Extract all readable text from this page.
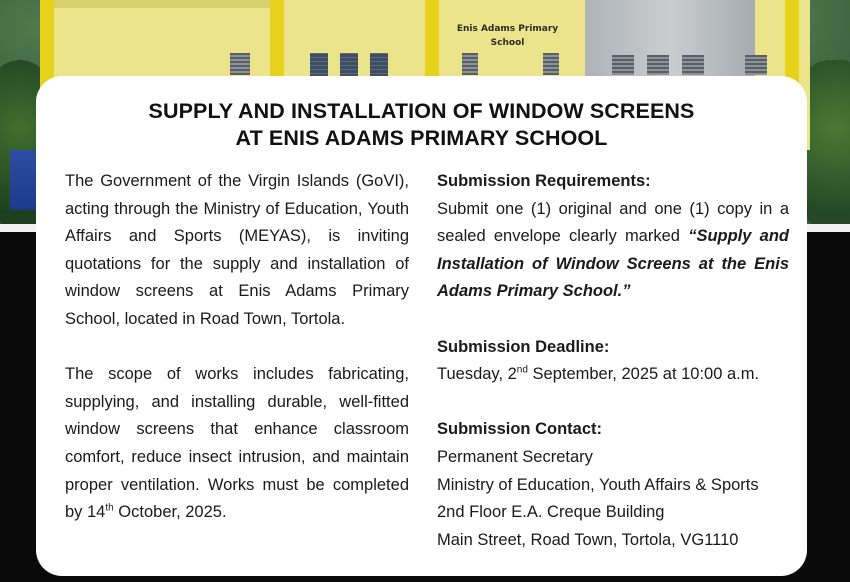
Enis Adams Primary School
SUPPLY AND INSTALLATION OF WINDOW SCREENS
AT ENIS ADAMS PRIMARY SCHOOL

The Government of the Virgin Islands (GoVI), acting through the Ministry of Education, Youth Affairs and Sports (MEYAS), is inviting quotations for the supply and installation of window screens at Enis Adams Primary School, located in Road Town, Tortola.

The scope of works includes fabricating, supplying, and installing durable, well-fitted window screens that enhance classroom comfort, reduce insect intrusion, and maintain proper ventilation. Works must be completed by 14th October, 2025.

Submission Requirements:

Submit one (1) original and one (1) copy in a sealed envelope clearly marked “Supply and Installation of Window Screens at the Enis Adams Primary School.”

Submission Deadline:

Tuesday, 2nd September, 2025 at 10:00 a.m.

Submission Contact:

Permanent Secretary

Ministry of Education, Youth Affairs & Sports

2nd Floor E.A. Creque Building

Main Street, Road Town, Tortola, VG1110
